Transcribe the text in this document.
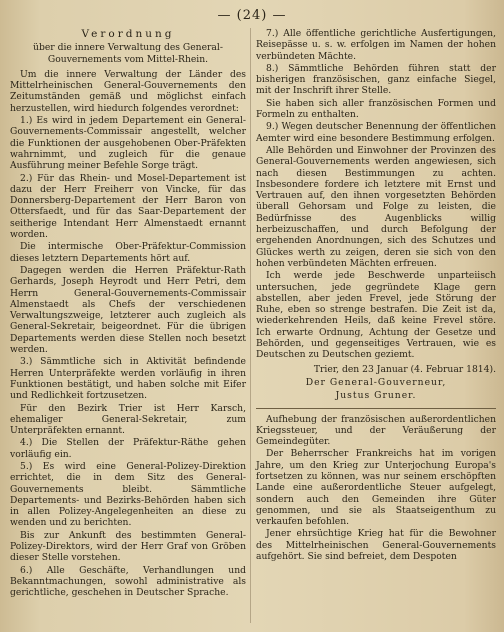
— (24) —
Verordnung
über die innere Verwaltung des General-Gouvernements vom Mittel-Rhein.

Um die innere Verwaltung der Länder des Mittelrheinischen General-Gouvernements den Zeitumständen gemäß und möglichst einfach herzustellen, wird hiedurch folgendes verordnet:

1.) Es wird in jedem Departement ein General-Gouvernements-Commissair angestellt, welcher die Funktionen der ausgehobenen Ober-Präfekten wahrnimmt, und zugleich für die genaue Ausführung meiner Befehle Sorge trägt.

2.) Für das Rhein- und Mosel-Departement ist dazu der Herr Freiherr von Vincke, für das Donnersberg-Departement der Herr Baron von Ottersfaedt, und für das Saar-Departement der seitherige Intendant Herr Almenstaedt ernannt worden.

Die intermische Ober-Präfektur-Commission dieses letztern Departements hört auf.

Dagegen werden die Herren Präfektur-Rath Gerhards, Joseph Heyrodt und Herr Petri, dem Herrn General-Gouvernements-Commissair Almenstaedt als Chefs der verschiedenen Verwaltungszweige, letzterer auch zugleich als General-Sekretair, beigeordnet. Für die übrigen Departements werden diese Stellen noch besetzt werden.

3.) Sämmtliche sich in Aktivität befindende Herren Unterpräfekte werden vorläufig in ihren Funktionen bestätigt, und haben solche mit Eifer und Redlichkeit fortzusetzen.

Für den Bezirk Trier ist Herr Karsch, ehemaliger General-Sekretair, zum Unterpräfekten ernannt.

4.) Die Stellen der Präfektur-Räthe gehen vorläufig ein.

5.) Es wird eine General-Polizey-Direktion errichtet, die in dem Sitz des General-Gouvernements bleibt. Sämmtliche Departements- und Bezirks-Behörden haben sich in allen Polizey-Angelegenheiten an diese zu wenden und zu berichten.

Bis zur Ankunft des bestimmten General-Polizey-Direktors, wird der Herr Graf von Gröben dieser Stelle vorstehen.

6.) Alle Geschäfte, Verhandlungen und Bekanntmachungen, sowohl administrative als gerichtliche, geschehen in Deutscher Sprache.

7.) Alle öffentliche gerichtliche Ausfertigungen, Reisepässe u. s. w. erfolgen im Namen der hohen verbündeten Mächte.

8.) Sämmtliche Behörden führen statt der bisherigen französischen, ganz einfache Siegel, mit der Inschrift ihrer Stelle.

Sie haben sich aller französischen Formen und Formeln zu enthalten.

9.) Wegen deutscher Benennung der öffentlichen Aemter wird eine besondere Bestimmung erfolgen.

Alle Behörden und Einwohner der Provinzen des General-Gouvernements werden angewiesen, sich nach diesen Bestimmungen zu achten. Insbesondere fordere ich letztere mit Ernst und Vertrauen auf, den ihnen vorgesetzten Behörden überall Gehorsam und Folge zu leisten, die Bedürfnisse des Augenblicks willig herbeizuschaffen, und durch Befolgung der ergehenden Anordnungen, sich des Schutzes und Glückes werth zu zeigen, deren sie sich von den hohen verbündeten Mächten erfreuen.

Ich werde jede Beschwerde unparteiisch untersuchen, jede gegründete Klage gern abstellen, aber jeden Frevel, jede Störung der Ruhe, eben so strenge bestrafen. Die Zeit ist da, wiederkehrenden Heils, daß keine Frevel störe. Ich erwarte Ordnung, Achtung der Gesetze und Behörden, und gegenseitiges Vertrauen, wie es Deutschen zu Deutschen geziemt.

Trier, den 23 Januar (4. Februar 1814).
Der General-Gouverneur,
Justus Gruner.

Aufhebung der französischen außerordentlichen Kriegssteuer, und der Veräußerung der Gemeindegüter.

Der Beherrscher Frankreichs hat im vorigen Jahre, um den Krieg zur Unterjochung Europa's fortsetzen zu können, was nur seinem erschöpften Lande eine außerordentliche Steuer aufgelegt, sondern auch den Gemeinden ihre Güter genommen, und sie als Staatseigenthum zu verkaufen befohlen.

Jener ehrsüchtige Krieg hat für die Bewohner des Mittelrheinischen General-Gouvernements aufgehört. Sie sind befreiet, dem Despoten
